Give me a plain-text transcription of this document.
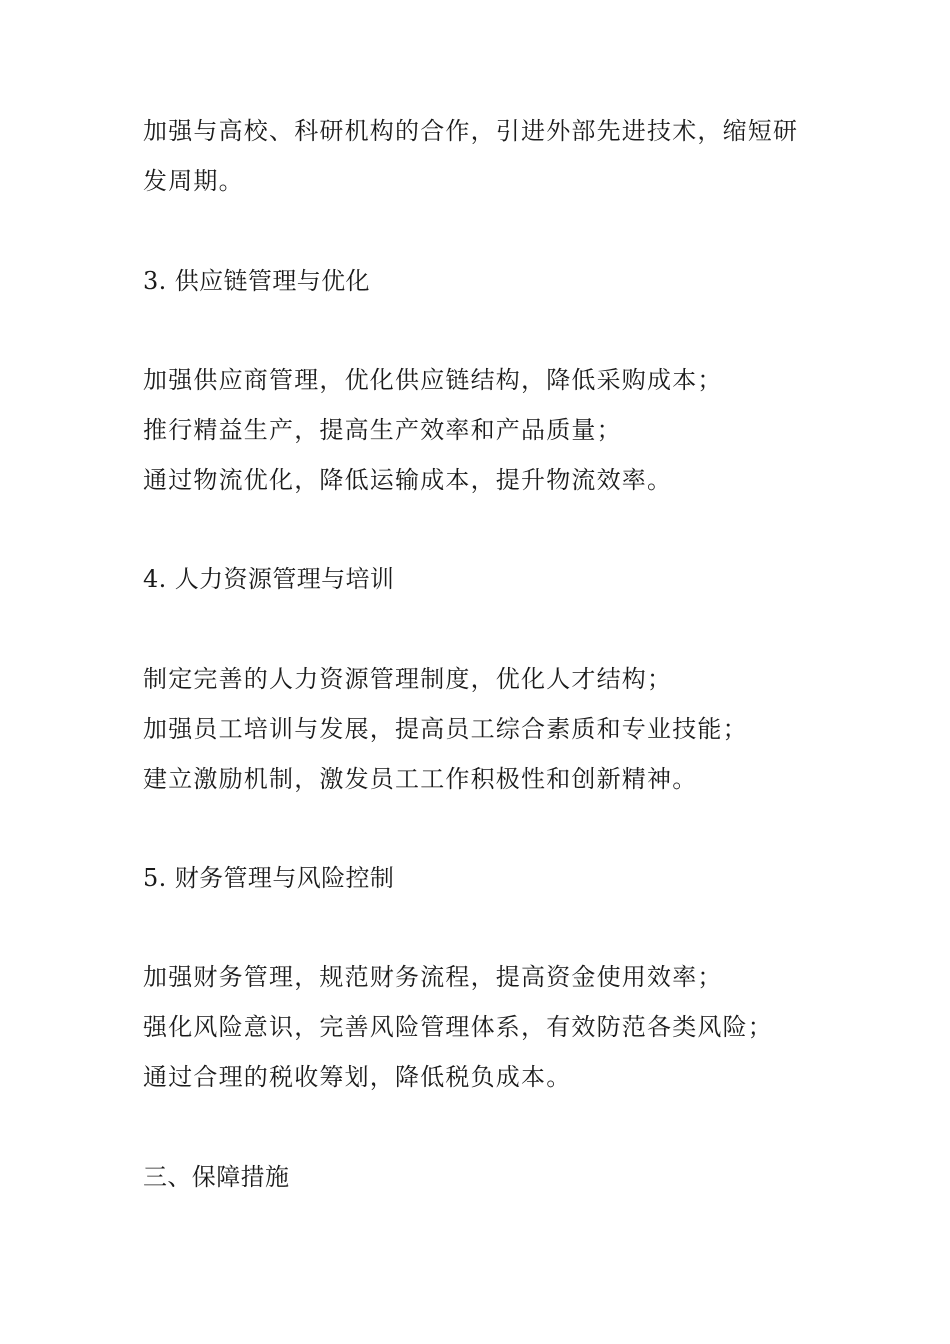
加强与高校、科研机构的合作，引进外部先进技术，缩短研
发周期。
3. 供应链管理与优化
加强供应商管理，优化供应链结构，降低采购成本；
推行精益生产，提高生产效率和产品质量；
通过物流优化，降低运输成本，提升物流效率。
4. 人力资源管理与培训
制定完善的人力资源管理制度，优化人才结构；
加强员工培训与发展，提高员工综合素质和专业技能；
建立激励机制，激发员工工作积极性和创新精神。
5. 财务管理与风险控制
加强财务管理，规范财务流程，提高资金使用效率；
强化风险意识，完善风险管理体系，有效防范各类风险；
通过合理的税收筹划，降低税负成本。
三、保障措施
